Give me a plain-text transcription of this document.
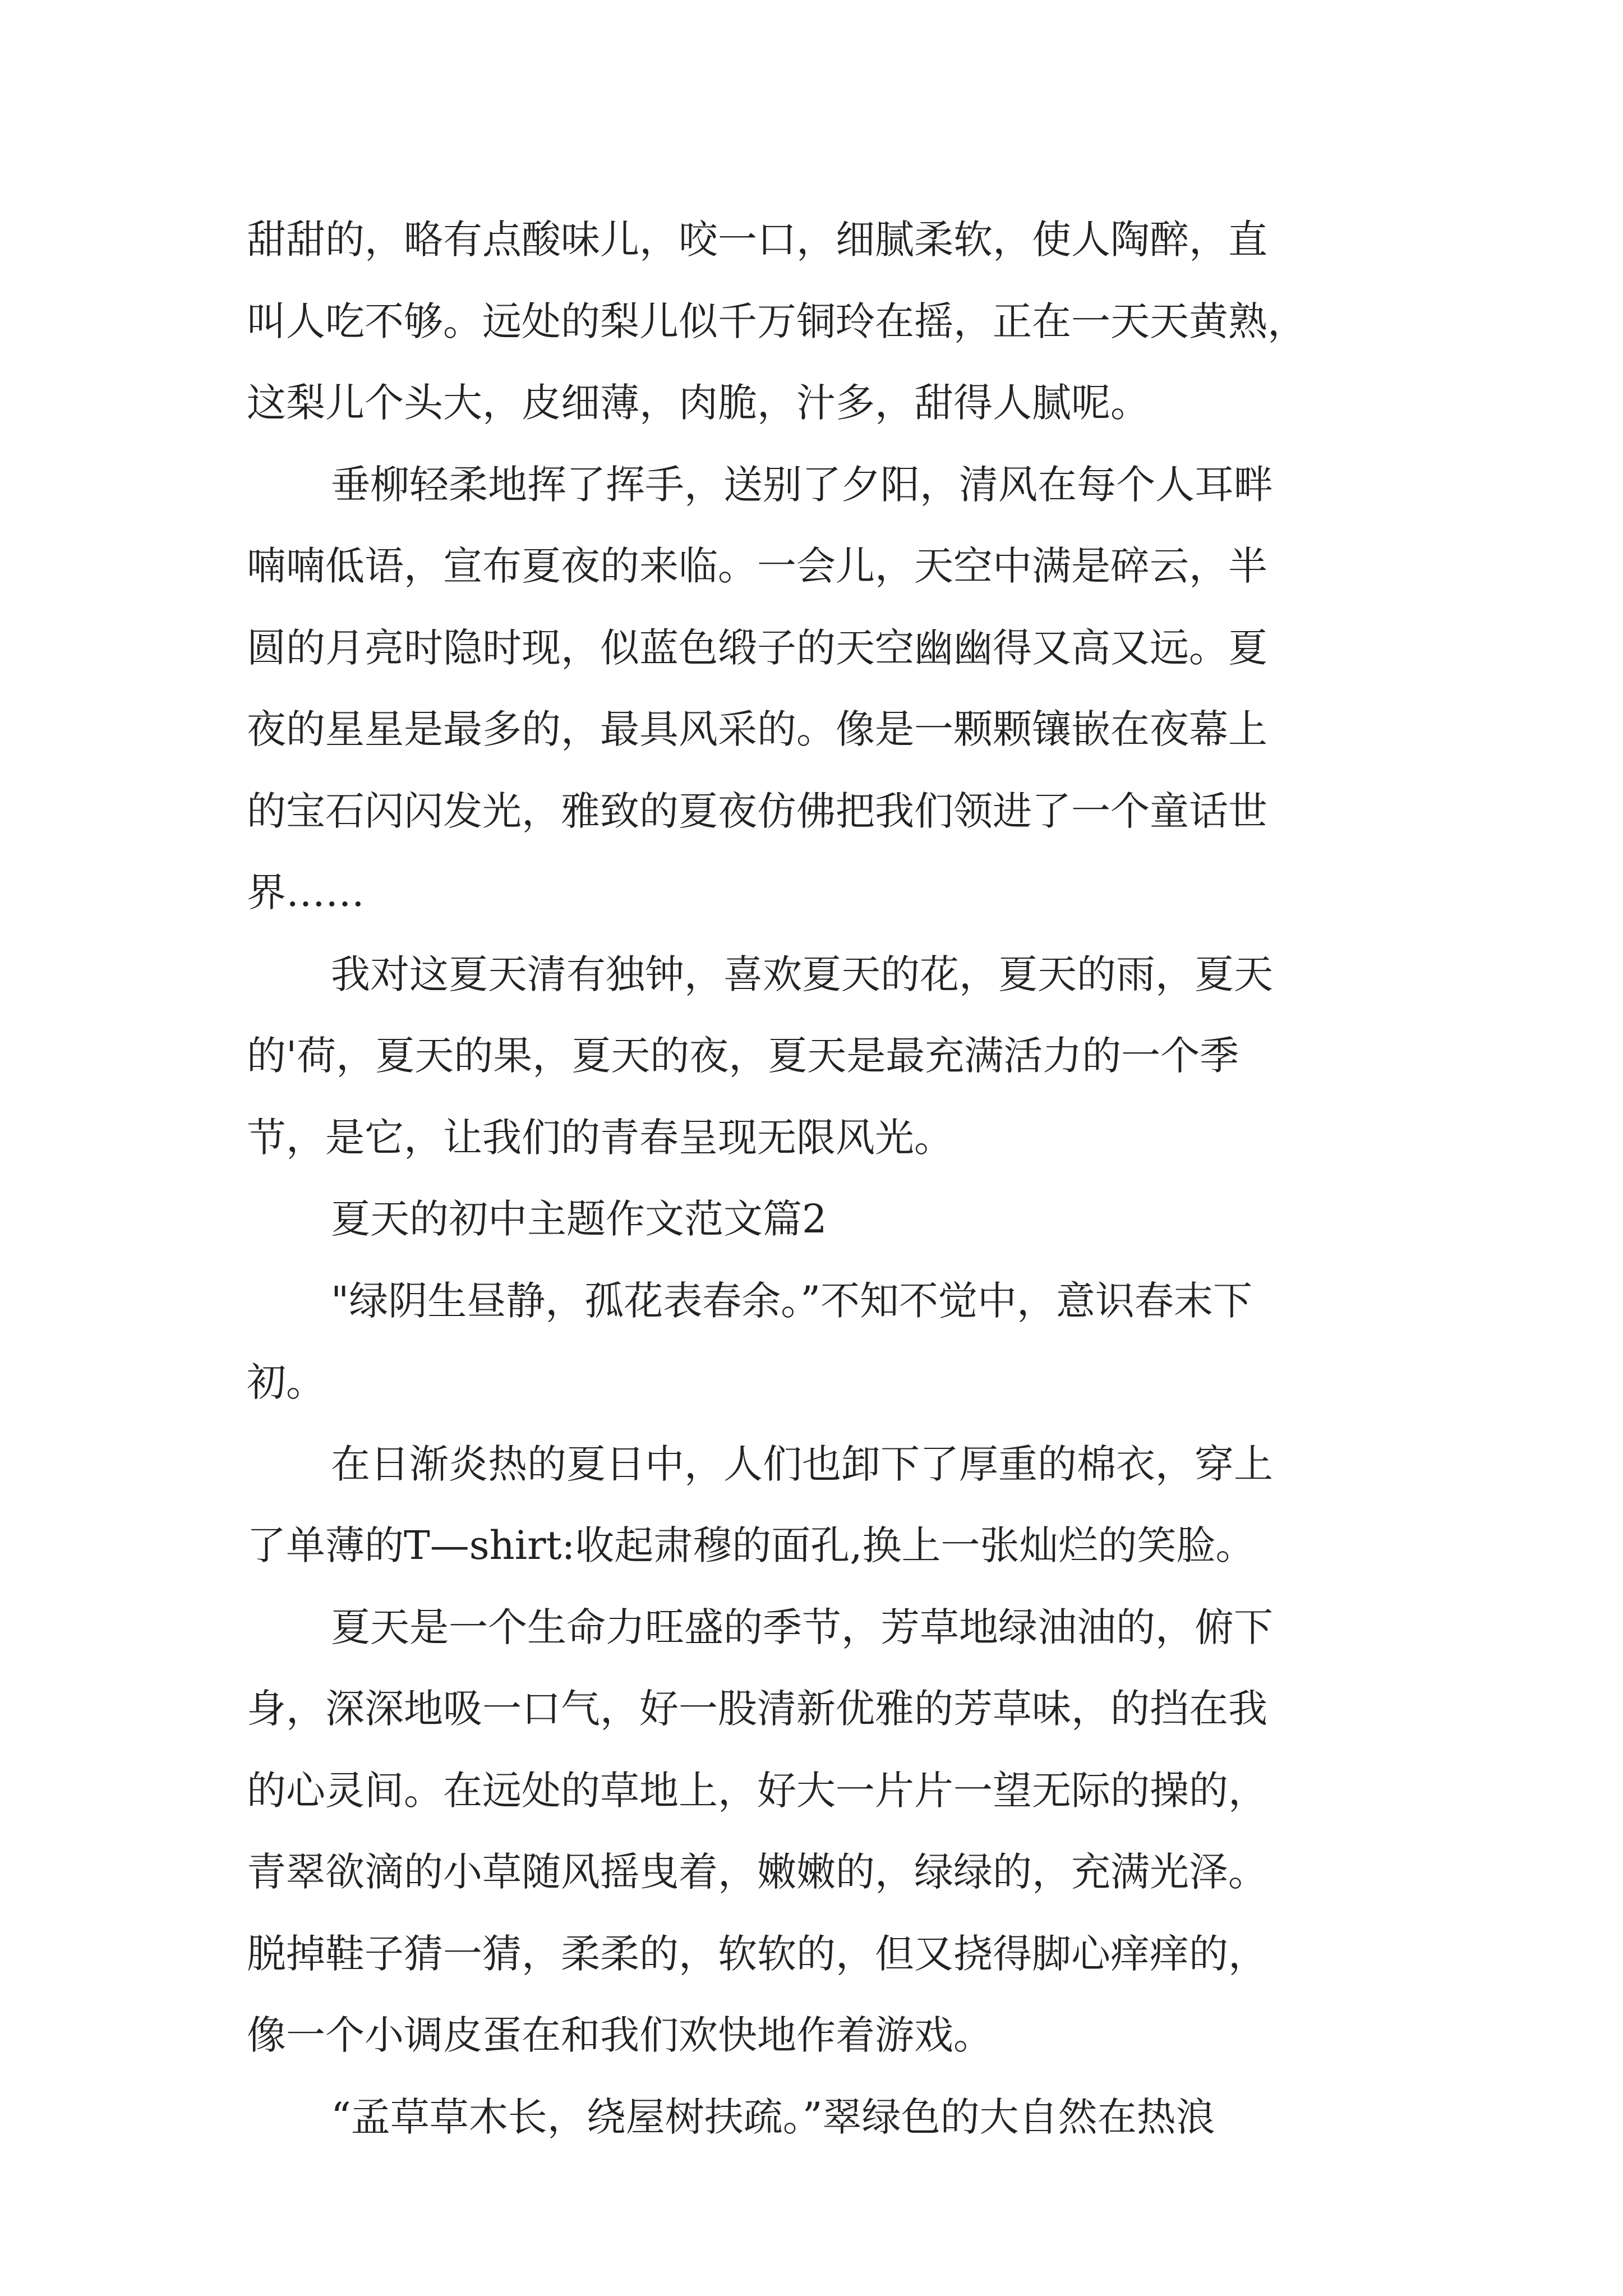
甜甜的，略有点酸味儿，咬一口，细腻柔软，使人陶醉，直
叫人吃不够。远处的梨儿似千万铜玲在摇，正在一天天黄熟，
这梨儿个头大，皮细薄，肉脆，汁多，甜得人腻呢。
垂柳轻柔地挥了挥手，送别了夕阳，清风在每个人耳畔
喃喃低语，宣布夏夜的来临。一会儿，天空中满是碎云，半
圆的月亮时隐时现，似蓝色缎子的天空幽幽得又高又远。夏
夜的星星是最多的，最具风采的。像是一颗颗镶嵌在夜幕上
的宝石闪闪发光，雅致的夏夜仿佛把我们领进了一个童话世
界……
我对这夏天清有独钟，喜欢夏天的花，夏天的雨，夏天
的'荷，夏天的果，夏天的夜，夏天是最充满活力的一个季
节，是它，让我们的青春呈现无限风光。
夏天的初中主题作文范文篇2
"绿阴生昼静，孤花表春余。”不知不觉中，意识春末下
初。
在日渐炎热的夏日中，人们也卸下了厚重的棉衣，穿上
了单薄的T—shirt:收起肃穆的面孔,换上一张灿烂的笑脸。
夏天是一个生命力旺盛的季节，芳草地绿油油的，俯下
身，深深地吸一口气，好一股清新优雅的芳草味，的挡在我
的心灵间。在远处的草地上，好大一片片一望无际的操的，
青翠欲滴的小草随风摇曳着，嫩嫩的，绿绿的，充满光泽。
脱掉鞋子猜一猜，柔柔的，软软的，但又挠得脚心痒痒的，
像一个小调皮蛋在和我们欢快地作着游戏。
“孟草草木长，绕屋树扶疏。”翠绿色的大自然在热浪
